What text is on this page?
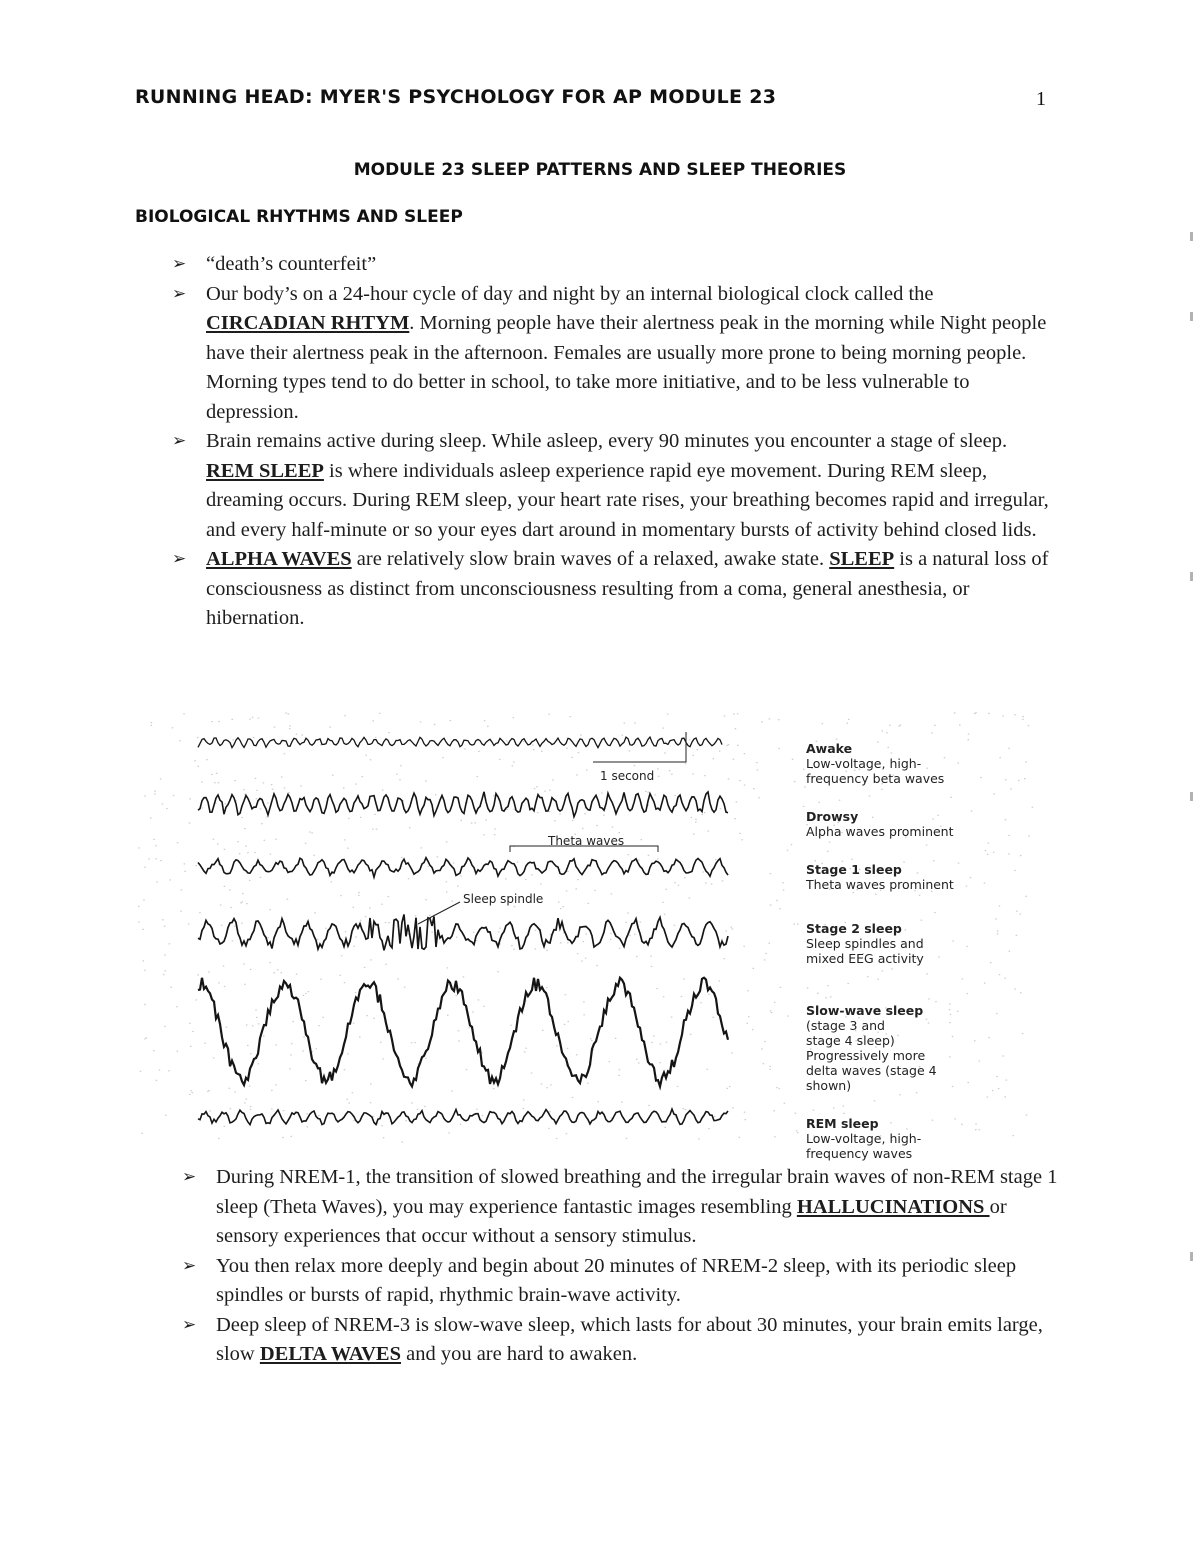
RUNNING HEAD: MYER'S PSYCHOLOGY FOR AP MODULE 23	1
MODULE 23 SLEEP PATTERNS AND SLEEP THEORIES
BIOLOGICAL RHYTHMS AND SLEEP
➢ “death’s counterfeit”
➢ Our body’s on a 24-hour cycle of day and night by an internal biological clock called the CIRCADIAN RHTYM. Morning people have their alertness peak in the morning while Night people have their alertness peak in the afternoon. Females are usually more prone to being morning people. Morning types tend to do better in school, to take more initiative, and to be less vulnerable to depression.
➢ Brain remains active during sleep. While asleep, every 90 minutes you encounter a stage of sleep. REM SLEEP is where individuals asleep experience rapid eye movement. During REM sleep, dreaming occurs. During REM sleep, your heart rate rises, your breathing becomes rapid and irregular, and every half-minute or so your eyes dart around in momentary bursts of activity behind closed lids.
➢ ALPHA WAVES are relatively slow brain waves of a relaxed, awake state. SLEEP is a natural loss of consciousness as distinct from unconsciousness resulting from a coma, general anesthesia, or hibernation.
1 second
Theta waves
Sleep spindle

Awake
Low-voltage, high-
frequency beta waves

Drowsy
Alpha waves prominent

Stage 1 sleep
Theta waves prominent

Stage 2 sleep
Sleep spindles and
mixed EEG activity

Slow-wave sleep
(stage 3 and
stage 4 sleep)
Progressively more
delta waves (stage 4
shown)

REM sleep
Low-voltage, high-
frequency waves

➢ During NREM-1, the transition of slowed breathing and the irregular brain waves of non-REM stage 1 sleep (Theta Waves), you may experience fantastic images resembling HALLUCINATIONS or sensory experiences that occur without a sensory stimulus.
➢ You then relax more deeply and begin about 20 minutes of NREM-2 sleep, with its periodic sleep spindles or bursts of rapid, rhythmic brain-wave activity.
➢ Deep sleep of NREM-3 is slow-wave sleep, which lasts for about 30 minutes, your brain emits large, slow DELTA WAVES and you are hard to awaken.
